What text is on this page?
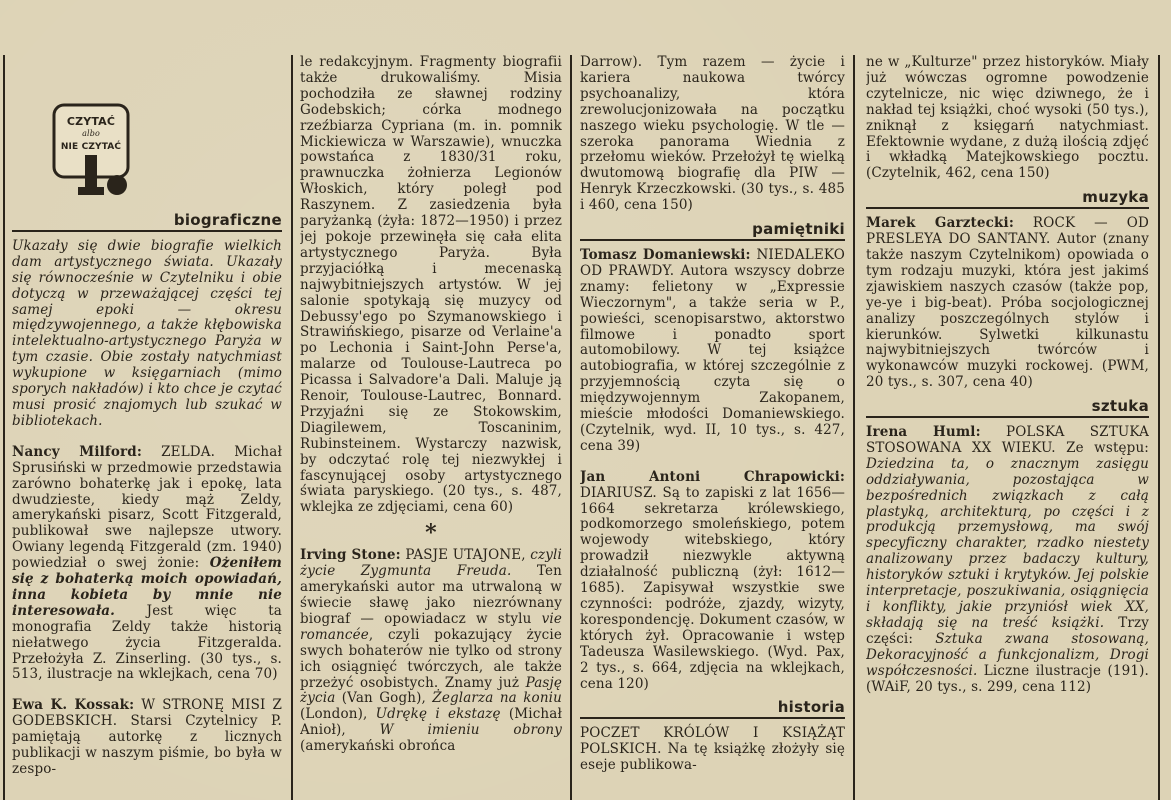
CZYTAĆ
albo
NIE CZYTAĆ
biograficzne

Ukazały się dwie biografie wielkich dam artystycznego świata. Ukazały się równocześnie w Czytelniku i obie dotyczą w przeważającej części tej samej epoki — okresu międzywojennego, a także kłębowiska intelektualno-artystycznego Paryża w tym czasie. Obie zostały natychmiast wykupione w księgarniach (mimo sporych nakładów) i kto chce je czytać musi prosić znajomych lub szukać w bibliotekach.

Nancy Milford: ZELDA. Michał Sprusiński w przedmowie przedstawia zarówno bohaterkę jak i epokę, lata dwudzieste, kiedy mąż Zeldy, amerykański pisarz, Scott Fitzgerald, publikował swe najlepsze utwory. Owiany legendą Fitzgerald (zm. 1940) powiedział o swej żonie: Ożeniłem się z bohaterką moich opowiadań, inna kobieta by mnie nie interesowała. Jest więc ta monografia Zeldy także historią niełatwego życia Fitzgeralda. Przełożyła Z. Zinserling. (30 tys., s. 513, ilustracje na wklejkach, cena 70)

Ewa K. Kossak: W STRONĘ MISI Z GODEBSKICH. Starsi Czytelnicy P. pamiętają autorkę z licznych publikacji w naszym piśmie, bo była w zespo-

le redakcyjnym. Fragmenty biografii także drukowaliśmy. Misia pochodziła ze sławnej rodziny Godebskich; córka modnego rzeźbiarza Cypriana (m. in. pomnik Mickiewicza w Warszawie), wnuczka powstańca z 1830/31 roku, prawnuczka żołnierza Legionów Włoskich, który poległ pod Raszynem. Z zasiedzenia była paryżanką (żyła: 1872—1950) i przez jej pokoje przewinęła się cała elita artystycznego Paryża. Była przyjaciółką i mecenaską najwybitniejszych artystów. W jej salonie spotykają się muzycy od Debussy'ego po Szymanowskiego i Strawińskiego, pisarze od Verlaine'a po Lechonia i Saint-John Perse'a, malarze od Toulouse-Lautreca po Picassa i Salvadore'a Dali. Maluje ją Renoir, Toulouse-Lautrec, Bonnard. Przyjaźni się ze Stokowskim, Diagilewem, Toscaninim, Rubinsteinem. Wystarczy nazwisk, by odczytać rolę tej niezwykłej i fascynującej osoby artystycznego świata paryskiego. (20 tys., s. 487, wklejka ze zdjęciami, cena 60)

*

Irving Stone: PASJE UTAJONE, czyli życie Zygmunta Freuda. Ten amerykański autor ma utrwaloną w świecie sławę jako niezrównany biograf — opowiadacz w stylu vie romancée, czyli pokazujący życie swych bohaterów nie tylko od strony ich osiągnięć twórczych, ale także przeżyć osobistych. Znamy już Pasję życia (Van Gogh), Żeglarza na koniu (London), Udrękę i ekstazę (Michał Anioł), W imieniu obrony (amerykański obrońca

Darrow). Tym razem — życie i kariera naukowa twórcy psychoanalizy, która zrewolucjonizowała na początku naszego wieku psychologię. W tle — szeroka panorama Wiednia z przełomu wieków. Przełożył tę wielką dwutomową biografię dla PIW — Henryk Krzeczkowski. (30 tys., s. 485 i 460, cena 150)

pamiętniki

Tomasz Domaniewski: NIEDALEKO OD PRAWDY. Autora wszyscy dobrze znamy: felietony w „Expressie Wieczornym", a także seria w P., powieści, scenopisarstwo, aktorstwo filmowe i ponadto sport automobilowy. W tej książce autobiografia, w której szczególnie z przyjemnością czyta się o międzywojennym Zakopanem, mieście młodości Domaniewskiego. (Czytelnik, wyd. II, 10 tys., s. 427, cena 39)

Jan Antoni Chrapowicki: DIARIUSZ. Są to zapiski z lat 1656—1664 sekretarza królewskiego, podkomorzego smoleńskiego, potem wojewody witebskiego, który prowadził niezwykle aktywną działalność publiczną (żył: 1612—1685). Zapisywał wszystkie swe czynności: podróże, zjazdy, wizyty, korespondencję. Dokument czasów, w których żył. Opracowanie i wstęp Tadeusza Wasilewskiego. (Wyd. Pax, 2 tys., s. 664, zdjęcia na wklejkach, cena 120)

historia

POCZET KRÓLÓW I KSIĄŻĄT POLSKICH. Na tę książkę złożyły się eseje publikowa-

ne w „Kulturze" przez historyków. Miały już wówczas ogromne powodzenie czytelnicze, nic więc dziwnego, że i nakład tej książki, choć wysoki (50 tys.), zniknął z księgarń natychmiast. Efektownie wydane, z dużą ilością zdjęć i wkładką Matejkowskiego pocztu. (Czytelnik, 462, cena 150)

muzyka

Marek Garztecki: ROCK — OD PRESLEYA DO SANTANY. Autor (znany także naszym Czytelnikom) opowiada o tym rodzaju muzyki, która jest jakimś zjawiskiem naszych czasów (także pop, ye-ye i big-beat). Próba socjologicznej analizy poszczególnych stylów i kierunków. Sylwetki kilkunastu najwybitniejszych twórców i wykonawców muzyki rockowej. (PWM, 20 tys., s. 307, cena 40)

sztuka

Irena Huml: POLSKA SZTUKA STOSOWANA XX WIEKU. Ze wstępu: Dziedzina ta, o znacznym zasięgu oddziaływania, pozostająca w bezpośrednich związkach z całą plastyką, architekturą, po części i z produkcją przemysłową, ma swój specyficzny charakter, rzadko niestety analizowany przez badaczy kultury, historyków sztuki i krytyków. Jej polskie interpretacje, poszukiwania, osiągnięcia i konflikty, jakie przyniósł wiek XX, składają się na treść książki. Trzy części: Sztuka zwana stosowaną, Dekoracyjność a funkcjonalizm, Drogi współczesności. Liczne ilustracje (191). (WAiF, 20 tys., s. 299, cena 112)
